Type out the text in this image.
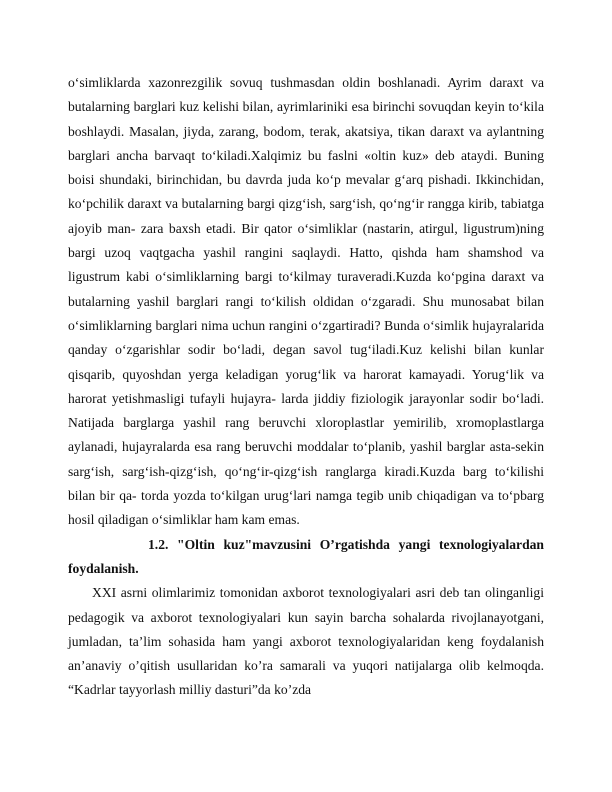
o‘simliklarda xazonrezgilik sovuq tushmasdan oldin boshlanadi. Ayrim daraxt va butalarning barglari kuz kelishi bilan, ayrimlariniki esa birinchi sovuqdan keyin to‘kila boshlaydi. Masalan, jiyda, zarang, bodom, terak, akatsiya, tikan daraxt va aylantning barglari ancha barvaqt to‘kiladi.Xalqimiz bu faslni «oltin kuz» deb ataydi. Buning boisi shundaki, birinchidan, bu davrda juda ko‘p mevalar g‘arq pishadi. Ikkinchidan, ko‘pchilik daraxt va butalarning bargi qizg‘ish, sarg‘ish, qo‘ng‘ir rangga kirib, tabiatga ajoyib man- zara baxsh etadi. Bir qator o‘simliklar (nastarin, atirgul, ligustrum)ning bargi uzoq vaqtgacha yashil rangini saqlaydi. Hatto, qishda ham shamshod va ligustrum kabi o‘simliklarning bargi to‘kilmay turaveradi.Kuzda ko‘pgina daraxt va butalarning yashil barglari rangi to‘kilish oldidan o‘zgaradi. Shu munosabat bilan o‘simliklarning barglari nima uchun rangini o‘zgartiradi? Bunda o‘simlik hujayralarida qanday o‘zgarishlar sodir bo‘ladi, degan savol tug‘iladi.Kuz kelishi bilan kunlar qisqarib, quyoshdan yerga keladigan yorug‘lik va harorat kamayadi. Yorug‘lik va harorat yetishmasligi tufayli hujayra- larda jiddiy fiziologik jarayonlar sodir bo‘ladi. Natijada barglarga yashil rang beruvchi xloroplastlar yemirilib, xromoplastlarga aylanadi, hujayralarda esa rang beruvchi moddalar to‘planib, yashil barglar asta-sekin sarg‘ish, sarg‘ish-qizg‘ish, qo‘ng‘ir-qizg‘ish ranglarga kiradi.Kuzda barg to‘kilishi bilan bir qa- torda yozda to‘kilgan urug‘lari namga tegib unib chiqadigan va to‘pbarg hosil qiladigan o‘simliklar ham kam emas.

1.2. "Oltin kuz"mavzusini O’rgatishda yangi texnologiyalardan foydalanish.

XXI asrni olimlarimiz tomonidan axborot texnologiyalari asri deb tan olinganligi pedagogik va axborot texnologiyalari kun sayin barcha sohalarda rivojlanayotgani, jumladan, ta’lim sohasida ham yangi axborot texnologiyalaridan keng foydalanish an’anaviy o’qitish usullaridan ko’ra samarali va yuqori natijalarga olib kelmoqda. “Kadrlar tayyorlash milliy dasturi”da ko’zda
